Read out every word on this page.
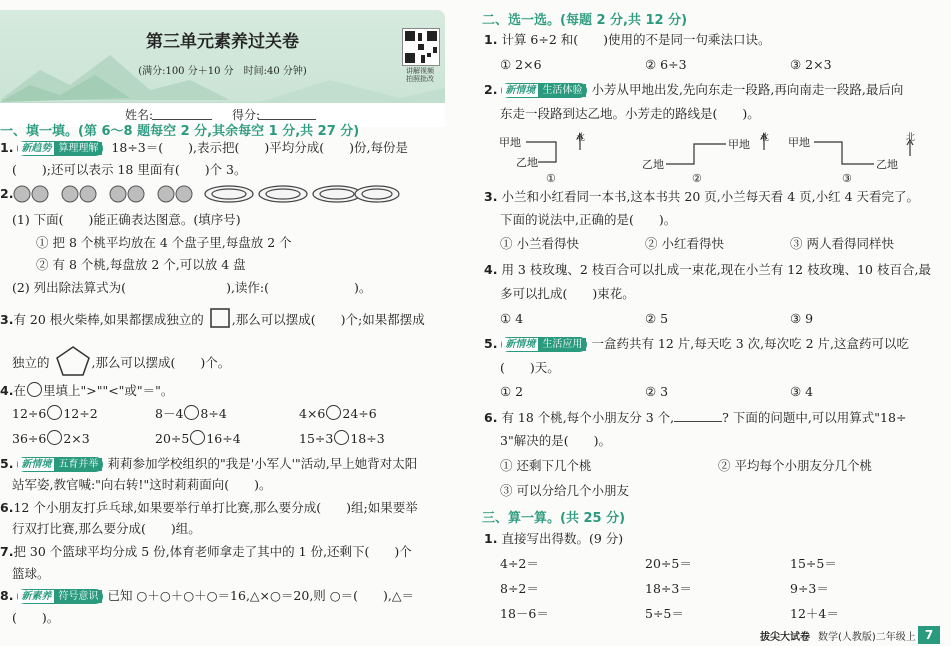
第三单元素养过关卷
(满分:100 分＋10 分　时间:40 分钟)	讲解视频
拍照批改
姓名:	得分:
一、填一填。(第 6～8 题每空 2 分,其余每空 1 分,共 27 分)
1. 新趋势 算理理解 18÷3＝(　　),表示把(　　)平均分成(　　)份,每份是
(　　);还可以表示 18 里面有(　　)个 3。
2.
(1) 下面(　　)能正确表达图意。(填序号)
① 把 8 个桃平均放在 4 个盘子里,每盘放 2 个
② 有 8 个桃,每盘放 2 个,可以放 4 盘
(2) 列出除法算式为(	),读作:(	)。
3.有 20 根火柴棒,如果都摆成独立的 ,那么可以摆成(　　)个;如果都摆成
独立的	,那么可以摆成(　　)个。
4.在 里填上">""<"或"＝"。
12÷6 12÷2	8－4 8÷4	4×6 24÷6
36÷6 2×3	20÷5 16÷4	15÷3 18÷3
5. 新情境 五育并举 莉莉参加学校组织的"我是'小军人'"活动,早上她背对太阳
站军姿,教官喊:"向右转!"这时莉莉面向(　　)。
6.12 个小朋友打乒乓球,如果要举行单打比赛,那么要分成(　　)组;如果要举
行双打比赛,那么要分成(　　)组。
7.把 30 个篮球平均分成 5 份,体育老师拿走了其中的 1 份,还剩下(　　)个
篮球。
8. 新素养 符号意识 已知 ○＋○＋○＋○＝16,△×○＝20,则 ○＝(　　),△＝
(　　)。
二、选一选。(每题 2 分,共 12 分)
1. 计算 6÷2 和(　　)使用的不是同一句乘法口诀。
① 2×6	② 6÷3	③ 2×3
2. 新情境 生活体验 小芳从甲地出发,先向东走一段路,再向南走一段路,最后向
东走一段路到达乙地。小芳走的路线是(　　)。
甲地
乙地
北
乙地
甲地 北 甲地
乙地
北
①	②	③
3. 小兰和小红看同一本书,这本书共 20 页,小兰每天看 4 页,小红 4 天看完了。
下面的说法中,正确的是(　　)。
① 小兰看得快	② 小红看得快	③ 两人看得同样快
4. 用 3 枝玫瑰、2 枝百合可以扎成一束花,现在小兰有 12 枝玫瑰、10 枝百合,最
多可以扎成(　　)束花。
① 4	② 5	③ 9
5. 新情境 生活应用 一盒药共有 12 片,每天吃 3 次,每次吃 2 片,这盒药可以吃
(　　)天。
① 2	② 3	③ 4
6. 有 18 个桃,每个小朋友分 3 个,	? 下面的问题中,可以用算式"18÷
3"解决的是(　　)。
① 还剩下几个桃	② 平均每个小朋友分几个桃
③ 可以分给几个小朋友
三、算一算。(共 25 分)
1. 直接写出得数。(9 分)
4÷2＝	20÷5＝	15÷5＝
8÷2＝	18÷3＝	9÷3＝
18－6＝	5÷5＝	12＋4＝
拔尖大试卷 数学(人教版)二年级上 7
